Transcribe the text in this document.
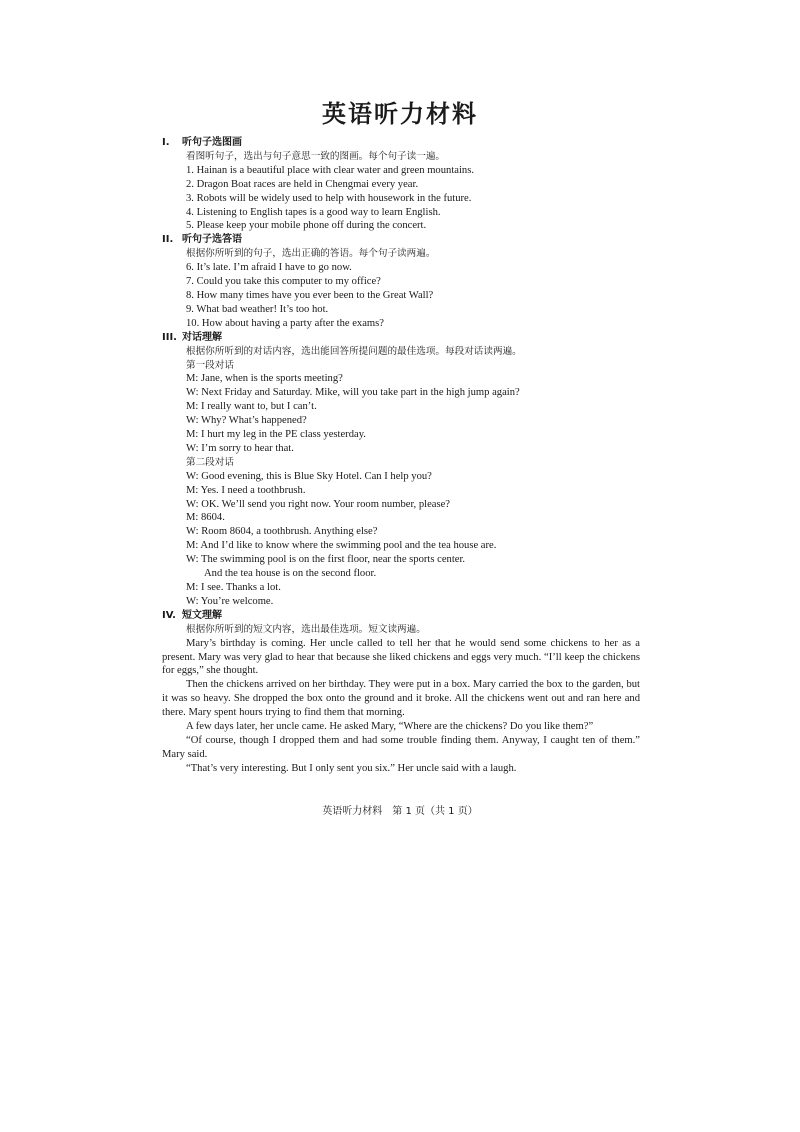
英语听力材料

I. 听句子选图画

看图听句子，选出与句子意思一致的图画。每个句子读一遍。

1. Hainan is a beautiful place with clear water and green mountains.

2. Dragon Boat races are held in Chengmai every year.

3. Robots will be widely used to help with housework in the future.

4. Listening to English tapes is a good way to learn English.

5. Please keep your mobile phone off during the concert.

II. 听句子选答语

根据你所听到的句子，选出正确的答语。每个句子读两遍。

6. It’s late. I’m afraid I have to go now.

7. Could you take this computer to my office?

8. How many times have you ever been to the Great Wall?

9. What bad weather! It’s too hot.

10. How about having a party after the exams?

III. 对话理解

根据你所听到的对话内容，选出能回答所提问题的最佳选项。每段对话读两遍。

第一段对话

M: Jane, when is the sports meeting?

W: Next Friday and Saturday. Mike, will you take part in the high jump again?

M: I really want to, but I can’t.

W: Why? What’s happened?

M: I hurt my leg in the PE class yesterday.

W: I’m sorry to hear that.

第二段对话

W: Good evening, this is Blue Sky Hotel. Can I help you?

M: Yes. I need a toothbrush.

W: OK. We’ll send you right now. Your room number, please?

M: 8604.

W: Room 8604, a toothbrush. Anything else?

M: And I’d like to know where the swimming pool and the tea house are.

W: The swimming pool is on the first floor, near the sports center.

And the tea house is on the second floor.

M: I see. Thanks a lot.

W: You’re welcome.

IV. 短文理解

根据你所听到的短文内容，选出最佳选项。短文读两遍。

Mary’s birthday is coming. Her uncle called to tell her that he would send some chickens to her as a present. Mary was very glad to hear that because she liked chickens and eggs very much. “I’ll keep the chickens for eggs,” she thought.

Then the chickens arrived on her birthday. They were put in a box. Mary carried the box to the garden, but it was so heavy. She dropped the box onto the ground and it broke. All the chickens went out and ran here and there. Mary spent hours trying to find them that morning.

A few days later, her uncle came. He asked Mary, “Where are the chickens? Do you like them?”

“Of course, though I dropped them and had some trouble finding them. Anyway, I caught ten of them.” Mary said.

“That’s very interesting. But I only sent you six.” Her uncle said with a laugh.

英语听力材料　第 1 页（共 1 页）
